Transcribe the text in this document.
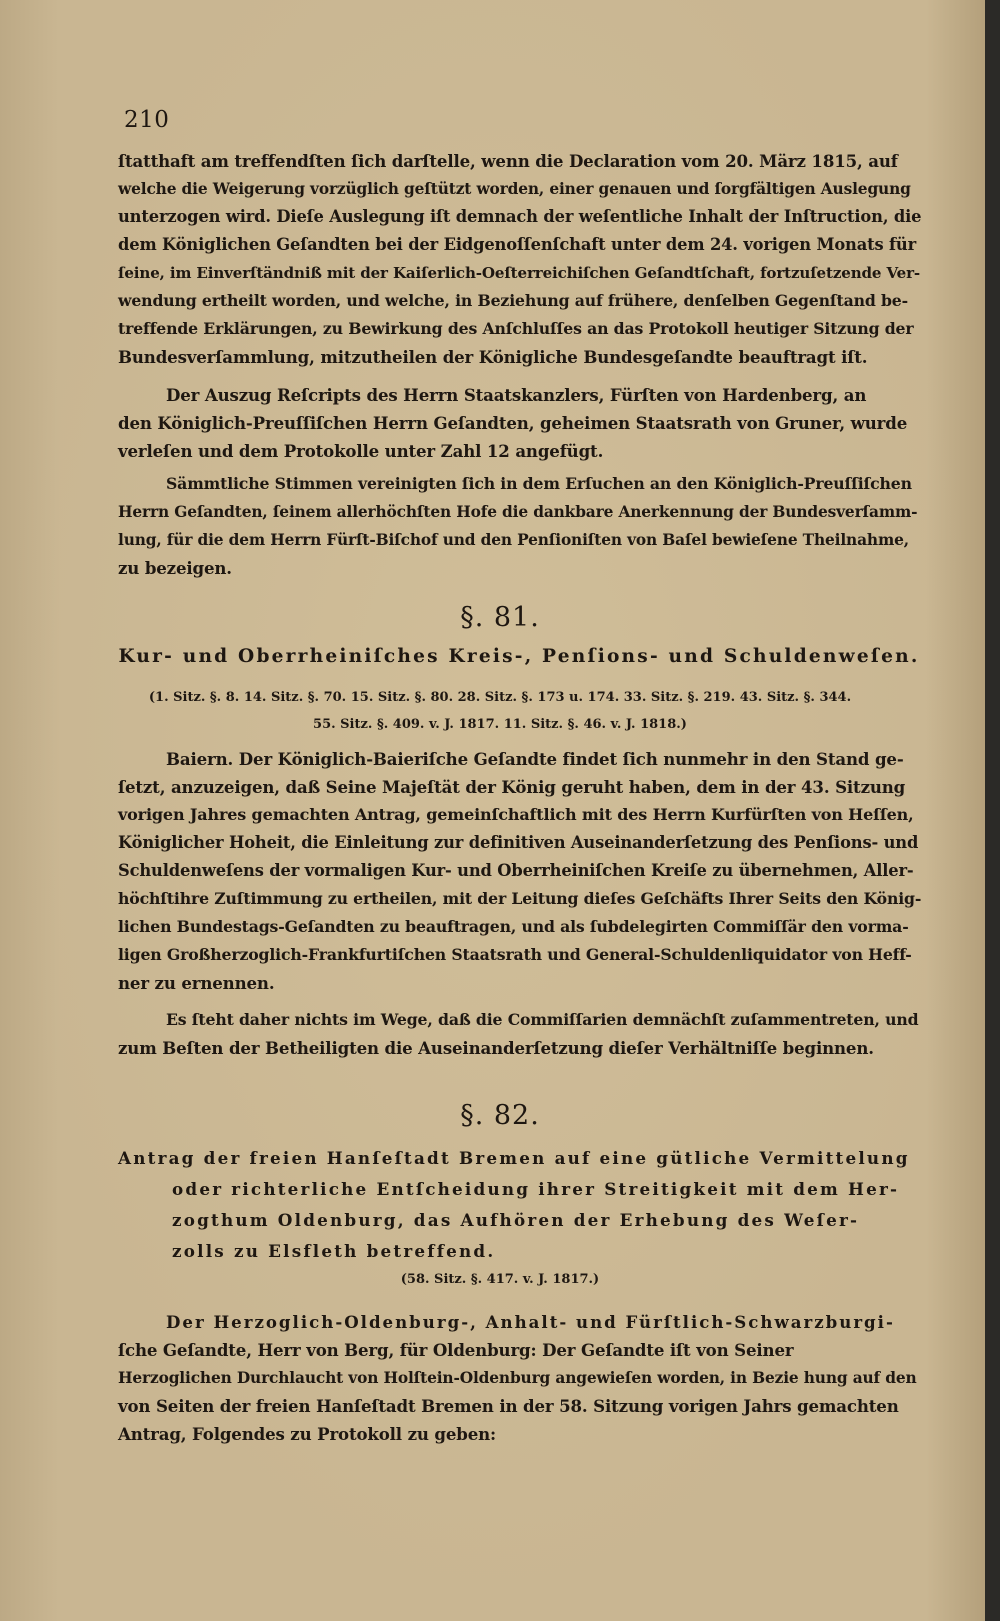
210
ſtatthaft am treffendſten ſich darſtelle, wenn die Declaration vom 20. März 1815, auf
welche die Weigerung vorzüglich geſtützt worden, einer genauen und ſorgfältigen Auslegung
unterzogen wird. Dieſe Auslegung iſt demnach der weſentliche Inhalt der Inſtruction, die
dem Königlichen Geſandten bei der Eidgenoſſenſchaft unter dem 24. vorigen Monats für
ſeine, im Einverſtändniß mit der Kaiſerlich-Oeſterreichiſchen Geſandtſchaft, fortzuſetzende Ver-
wendung ertheilt worden, und welche, in Beziehung auf frühere, denſelben Gegenſtand be-
treffende Erklärungen, zu Bewirkung des Anſchluſſes an das Protokoll heutiger Sitzung der
Bundesverſammlung, mitzutheilen der Königliche Bundesgeſandte beauftragt iſt.
Der Auszug Reſcripts des Herrn Staatskanzlers, Fürſten von Hardenberg, an
den Königlich-Preuſſiſchen Herrn Geſandten, geheimen Staatsrath von Gruner, wurde
verleſen und dem Protokolle unter Zahl 12 angefügt.
Sämmtliche Stimmen vereinigten ſich in dem Erſuchen an den Königlich-Preuſſiſchen
Herrn Geſandten, ſeinem allerhöchſten Hofe die dankbare Anerkennung der Bundesverſamm-
lung, für die dem Herrn Fürſt-Biſchof und den Penſioniſten von Baſel bewieſene Theilnahme,
zu bezeigen.
§. 81.
Kur- und Oberrheiniſches Kreis-, Penſions- und Schuldenweſen.
(1. Sitz. §. 8. 14. Sitz. §. 70. 15. Sitz. §. 80. 28. Sitz. §. 173 u. 174. 33. Sitz. §. 219. 43. Sitz. §. 344.
55. Sitz. §. 409. v. J. 1817. 11. Sitz. §. 46. v. J. 1818.)
Baiern. Der Königlich-Baieriſche Geſandte findet ſich nunmehr in den Stand ge-
ſetzt, anzuzeigen, daß Seine Majeſtät der König geruht haben, dem in der 43. Sitzung
vorigen Jahres gemachten Antrag, gemeinſchaftlich mit des Herrn Kurfürſten von Heſſen,
Königlicher Hoheit, die Einleitung zur definitiven Auseinanderſetzung des Penſions- und
Schuldenweſens der vormaligen Kur- und Oberrheiniſchen Kreiſe zu übernehmen, Aller-
höchſtihre Zuſtimmung zu ertheilen, mit der Leitung dieſes Geſchäfts Ihrer Seits den König-
lichen Bundestags-Geſandten zu beauftragen, und als ſubdelegirten Commiſſär den vorma-
ligen Großherzoglich-Frankfurtiſchen Staatsrath und General-Schuldenliquidator von Heff-
ner zu ernennen.
Es ſteht daher nichts im Wege, daß die Commiſſarien demnächſt zuſammentreten, und
zum Beſten der Betheiligten die Auseinanderſetzung dieſer Verhältniſſe beginnen.
§. 82.
Antrag der freien Hanſeſtadt Bremen auf eine gütliche Vermittelung
oder richterliche Entſcheidung ihrer Streitigkeit mit dem Her-
zogthum Oldenburg, das Aufhören der Erhebung des Weſer-
zolls zu Elsfleth betreffend.
(58. Sitz. §. 417. v. J. 1817.)
Der Herzoglich-Oldenburg-, Anhalt- und Fürſtlich-Schwarzburgi-
ſche Geſandte, Herr von Berg, für Oldenburg: Der Geſandte iſt von Seiner
Herzoglichen Durchlaucht von Holſtein-Oldenburg angewieſen worden, in Bezie hung auf den
von Seiten der freien Hanſeſtadt Bremen in der 58. Sitzung vorigen Jahrs gemachten
Antrag, Folgendes zu Protokoll zu geben:
